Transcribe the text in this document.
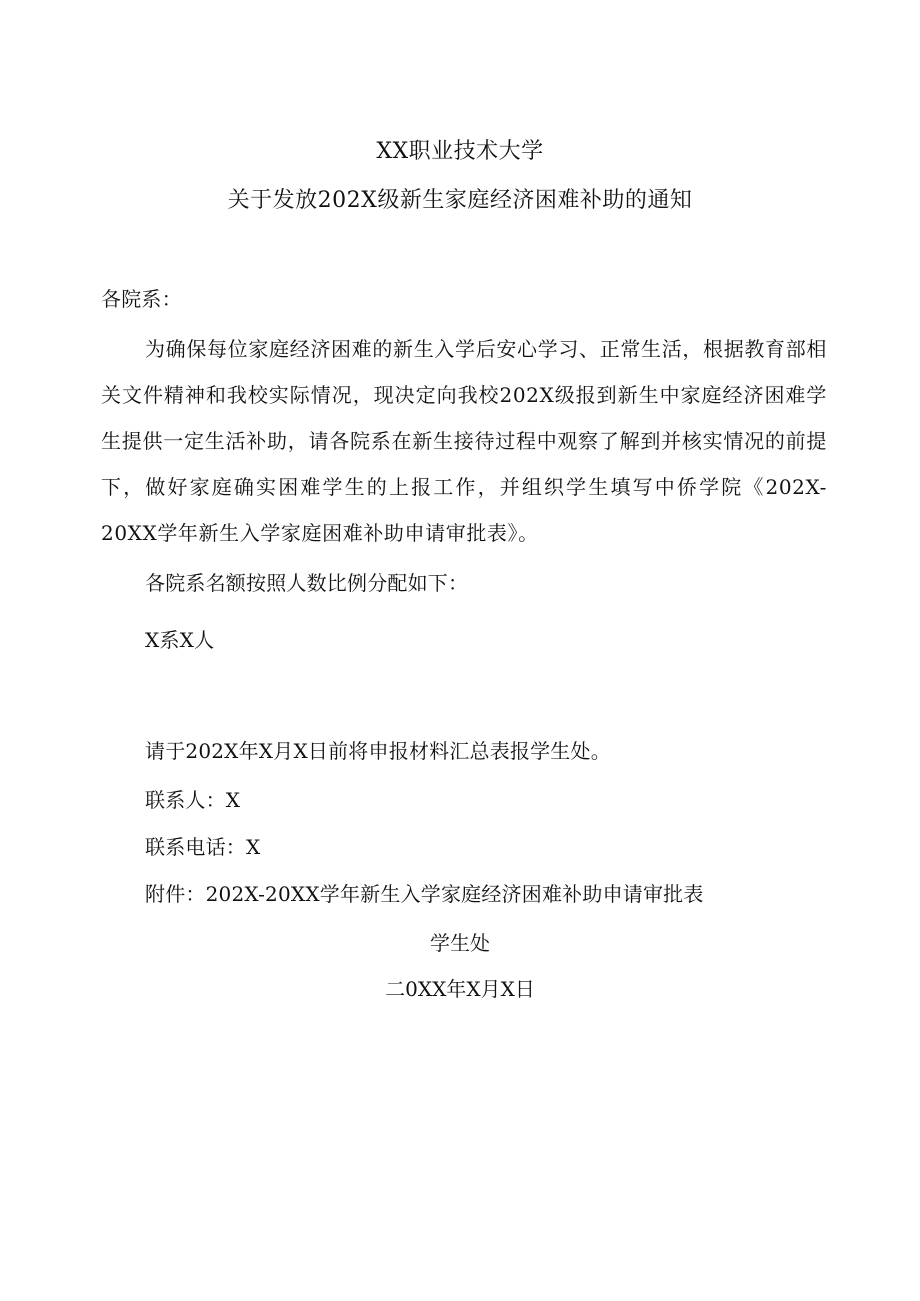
XX职业技术大学
关于发放202X级新生家庭经济困难补助的通知
各院系：
为确保每位家庭经济困难的新生入学后安心学习、正常生活，根据教育部相关文件精神和我校实际情况，现决定向我校202X级报到新生中家庭经济困难学生提供一定生活补助，请各院系在新生接待过程中观察了解到并核实情况的前提下，做好家庭确实困难学生的上报工作，并组织学生填写中侨学院《202X-20XX学年新生入学家庭困难补助申请审批表》。
各院系名额按照人数比例分配如下：
X系X人
请于202X年X月X日前将申报材料汇总表报学生处。
联系人：X
联系电话：X
附件：202X-20XX学年新生入学家庭经济困难补助申请审批表
学生处
二0XX年X月X日
